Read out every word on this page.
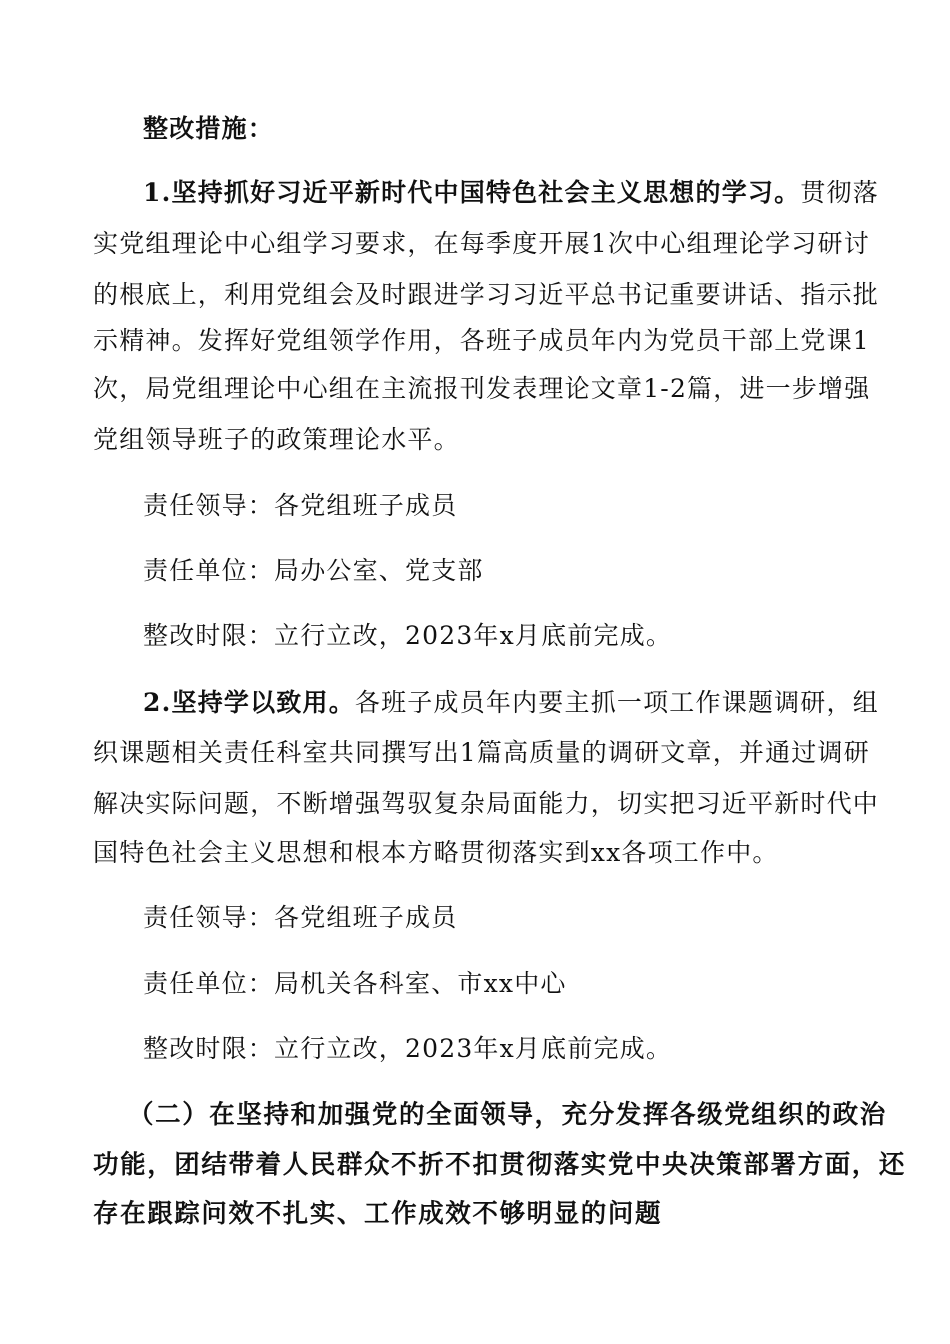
整改措施：
1.坚持抓好习近平新时代中国特色社会主义思想的学习。贯彻落
实党组理论中心组学习要求，在每季度开展1次中心组理论学习研讨
的根底上，利用党组会及时跟进学习习近平总书记重要讲话、指示批
示精神。发挥好党组领学作用，各班子成员年内为党员干部上党课1
次，局党组理论中心组在主流报刊发表理论文章1-2篇，进一步增强
党组领导班子的政策理论水平。
责任领导：各党组班子成员
责任单位：局办公室、党支部
整改时限：立行立改，2023年x月底前完成。
2.坚持学以致用。各班子成员年内要主抓一项工作课题调研，组
织课题相关责任科室共同撰写出1篇高质量的调研文章，并通过调研
解决实际问题，不断增强驾驭复杂局面能力，切实把习近平新时代中
国特色社会主义思想和根本方略贯彻落实到xx各项工作中。
责任领导：各党组班子成员
责任单位：局机关各科室、市xx中心
整改时限：立行立改，2023年x月底前完成。
（二）在坚持和加强党的全面领导，充分发挥各级党组织的政治
功能，团结带着人民群众不折不扣贯彻落实党中央决策部署方面，还
存在跟踪问效不扎实、工作成效不够明显的问题
